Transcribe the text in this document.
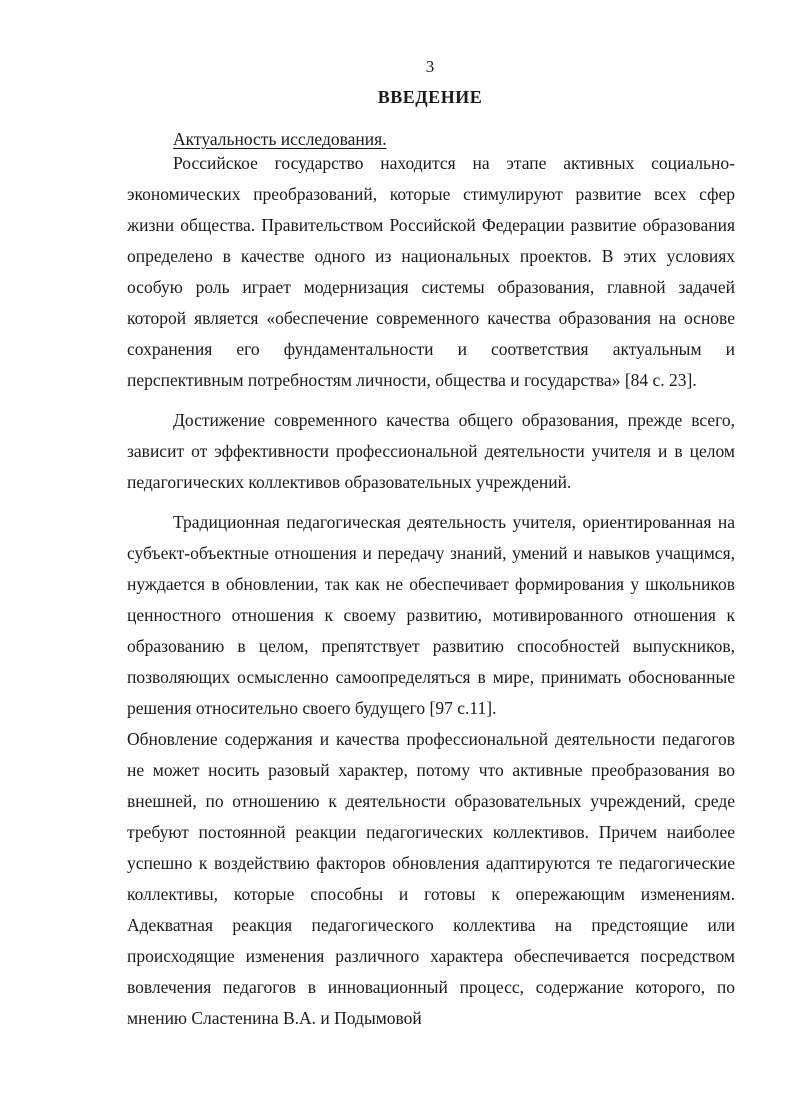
3
ВВЕДЕНИЕ
Актуальность исследования.

Российское государство находится на этапе активных социально-экономических преобразований, которые стимулируют развитие всех сфер жизни общества. Правительством Российской Федерации развитие образования определено в качестве одного из национальных проектов. В этих условиях особую роль играет модернизация системы образования, главной задачей которой является «обеспечение современного качества образования на основе сохранения его фундаментальности и соответствия актуальным и перспективным потребностям личности, общества и государства» [84 с. 23].

Достижение современного качества общего образования, прежде всего, зависит от эффективности профессиональной деятельности учителя и в целом педагогических коллективов образовательных учреждений.

Традиционная педагогическая деятельность учителя, ориентированная на субъект-объектные отношения и передачу знаний, умений и навыков учащимся, нуждается в обновлении, так как не обеспечивает формирования у школьников ценностного отношения к своему развитию, мотивированного отношения к образованию в целом, препятствует развитию способностей выпускников, позволяющих осмысленно самоопределяться в мире, принимать обоснованные решения относительно своего будущего [97 с.11].

Обновление содержания и качества профессиональной деятельности педагогов не может носить разовый характер, потому что активные преобразования во внешней, по отношению к деятельности образовательных учреждений, среде требуют постоянной реакции педагогических коллективов. Причем наиболее успешно к воздействию факторов обновления адаптируются те педагогические коллективы, которые способны и готовы к опережающим изменениям. Адекватная реакция педагогического коллектива на предстоящие или происходящие изменения различного характера обеспечивается посредством вовлечения педагогов в инновационный процесс, содержание которого, по мнению Сластенина В.А. и Подымовой
